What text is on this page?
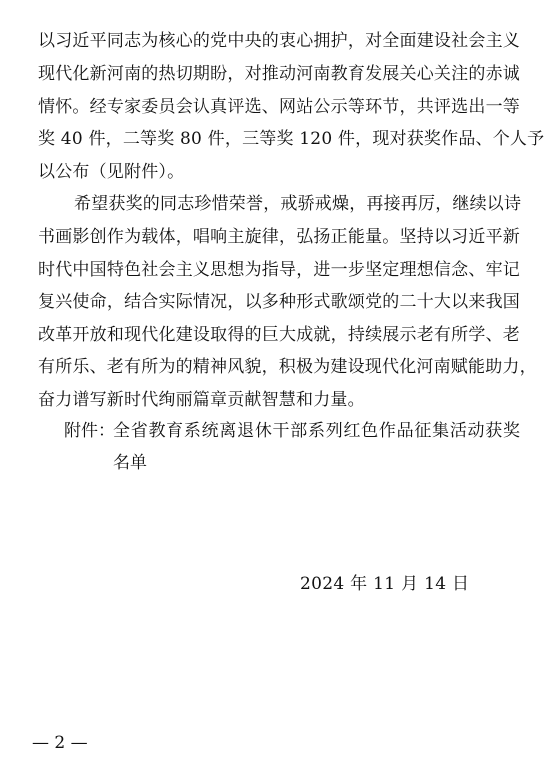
以习近平同志为核心的党中央的衷心拥护，对全面建设社会主义
现代化新河南的热切期盼，对推动河南教育发展关心关注的赤诚
情怀。经专家委员会认真评选、网站公示等环节，共评选出一等
奖 40 件，二等奖 80 件，三等奖 120 件，现对获奖作品、个人予
以公布（见附件）。
希望获奖的同志珍惜荣誉，戒骄戒燥，再接再厉，继续以诗
书画影创作为载体，唱响主旋律，弘扬正能量。坚持以习近平新
时代中国特色社会主义思想为指导，进一步坚定理想信念、牢记
复兴使命，结合实际情况，以多种形式歌颂党的二十大以来我国
改革开放和现代化建设取得的巨大成就，持续展示老有所学、老
有所乐、老有所为的精神风貌，积极为建设现代化河南赋能助力，
奋力谱写新时代绚丽篇章贡献智慧和力量。
附件：
全省教育系统离退休干部系列红色作品征集活动获奖
名单
2024 年 11 月 14 日
— 2 —
